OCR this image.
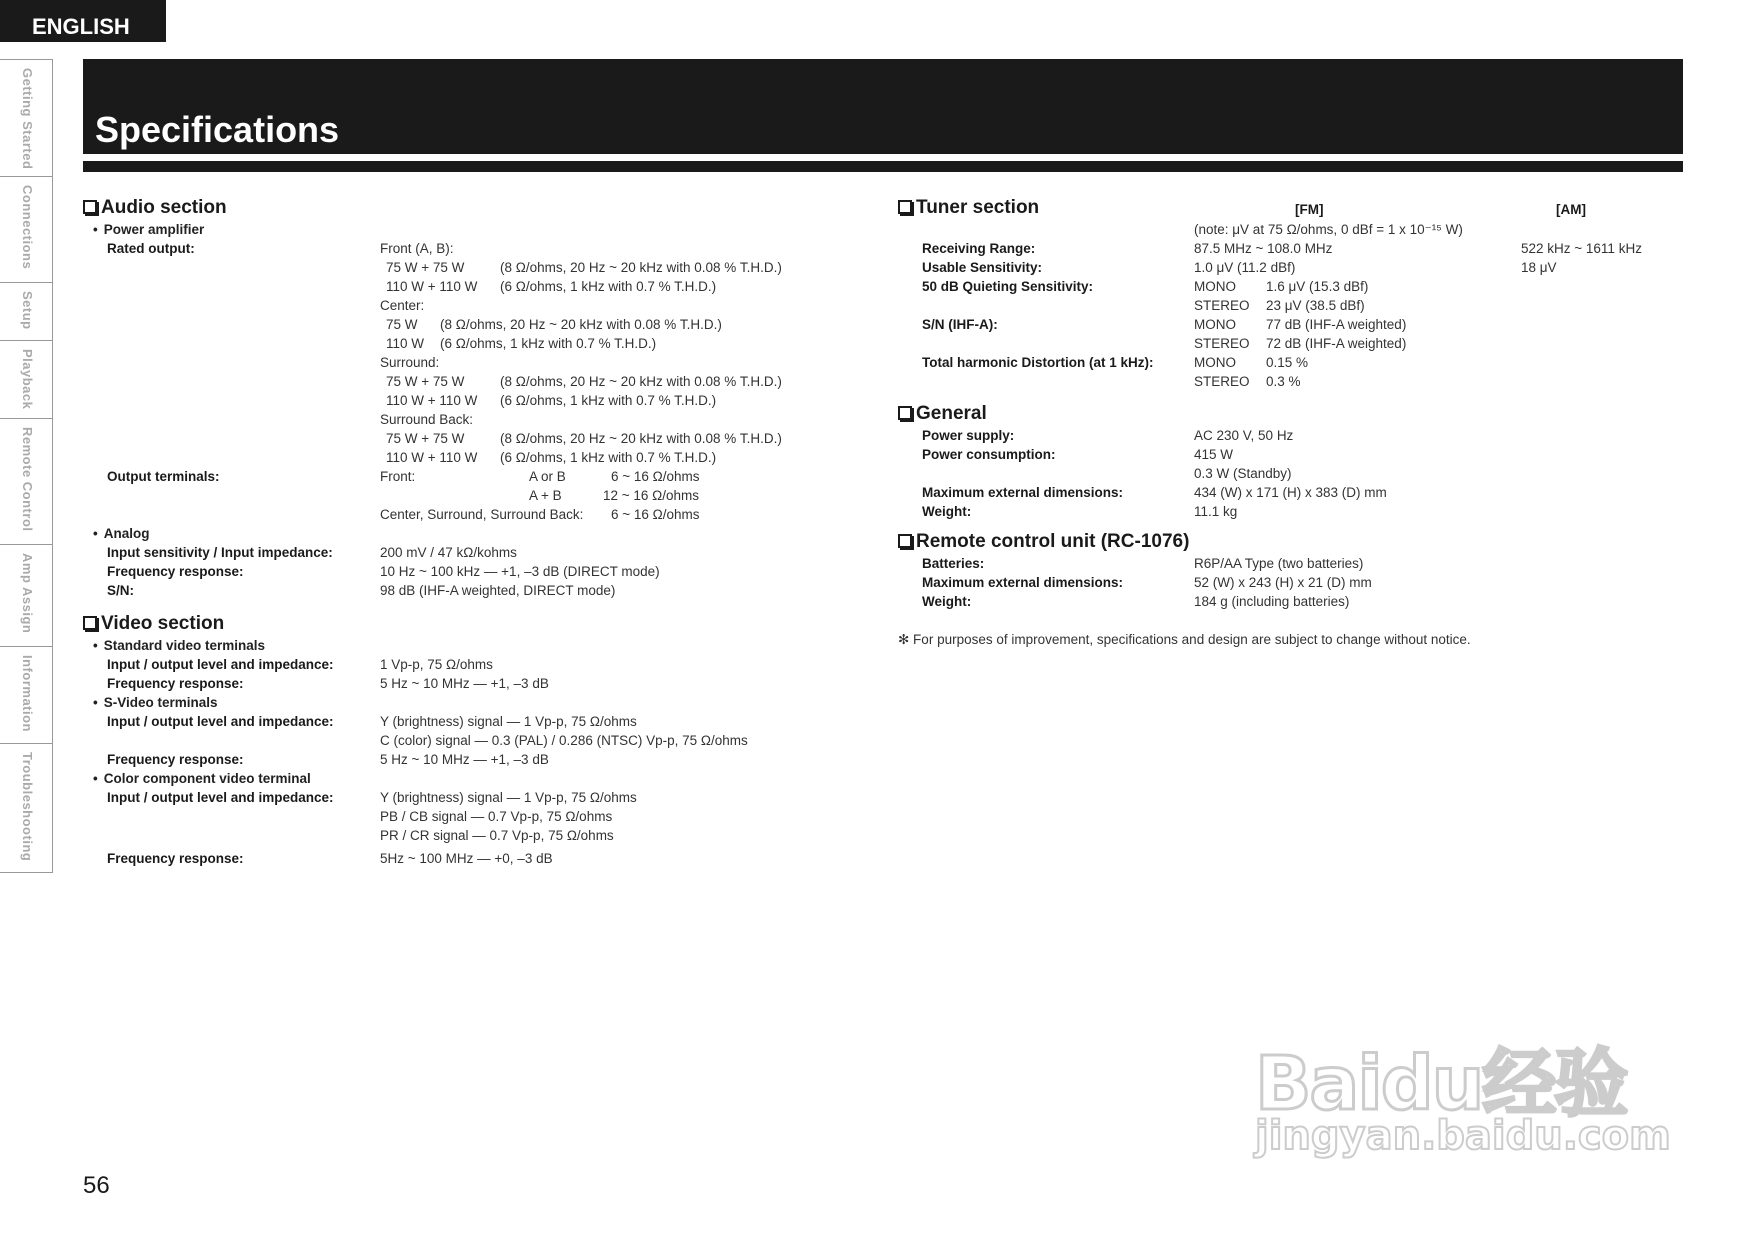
ENGLISH
Getting Started
Connections
Setup
Playback
Remote Control
Amp Assign
Information
Troubleshooting
Specifications
Audio section
• Power amplifier
Rated output:	Front (A, B):
75 W + 75 W	(8 Ω/ohms, 20 Hz ~ 20 kHz with 0.08 % T.H.D.)
110 W + 110 W (6 Ω/ohms, 1 kHz with 0.7 % T.H.D.)
Center:
75 W (8 Ω/ohms, 20 Hz ~ 20 kHz with 0.08 % T.H.D.)
110 W (6 Ω/ohms, 1 kHz with 0.7 % T.H.D.)
Surround:
75 W + 75 W	(8 Ω/ohms, 20 Hz ~ 20 kHz with 0.08 % T.H.D.)
110 W + 110 W (6 Ω/ohms, 1 kHz with 0.7 % T.H.D.)
Surround Back:
75 W + 75 W	(8 Ω/ohms, 20 Hz ~ 20 kHz with 0.08 % T.H.D.)
110 W + 110 W (6 Ω/ohms, 1 kHz with 0.7 % T.H.D.)
Output terminals:	Front:	A or B	6 ~ 16 Ω/ohms
A + B	12 ~ 16 Ω/ohms
Center, Surround, Surround Back: 6 ~ 16 Ω/ohms
• Analog
Input sensitivity / Input impedance:	200 mV / 47 kΩ/kohms
Frequency response:	10 Hz ~ 100 kHz — +1, –3 dB (DIRECT mode)
S/N:	98 dB (IHF-A weighted, DIRECT mode)
Video section
• Standard video terminals
Input / output level and impedance:	1 Vp-p, 75 Ω/ohms
Frequency response:	5 Hz ~ 10 MHz — +1, –3 dB
• S-Video terminals
Input / output level and impedance:	Y (brightness) signal — 1 Vp-p, 75 Ω/ohms
C (color) signal — 0.3 (PAL) / 0.286 (NTSC) Vp-p, 75 Ω/ohms
Frequency response:	5 Hz ~ 10 MHz — +1, –3 dB
• Color component video terminal
Input / output level and impedance:	Y (brightness) signal — 1 Vp-p, 75 Ω/ohms
PB / CB signal — 0.7 Vp-p, 75 Ω/ohms
PR / CR signal — 0.7 Vp-p, 75 Ω/ohms
Frequency response:	5Hz ~ 100 MHz — +0, –3 dB
Tuner section	[FM]	[AM]
(note: μV at 75 Ω/ohms, 0 dBf = 1 x 10⁻¹⁵ W)
Receiving Range:	87.5 MHz ~ 108.0 MHz	522 kHz ~ 1611 kHz
Usable Sensitivity:	1.0 μV (11.2 dBf)	18 μV
50 dB Quieting Sensitivity:	MONO 1.6 μV (15.3 dBf)
STEREO 23 μV (38.5 dBf)
S/N (IHF-A):	MONO 77 dB (IHF-A weighted)
STEREO 72 dB (IHF-A weighted)
Total harmonic Distortion (at 1 kHz):	MONO 0.15 %
STEREO 0.3 %
General
Power supply:	AC 230 V, 50 Hz
Power consumption:	415 W
0.3 W (Standby)
Maximum external dimensions:	434 (W) x 171 (H) x 383 (D) mm
Weight:	11.1 kg
Remote control unit (RC-1076)
Batteries:	R6P/AA Type (two batteries)
Maximum external dimensions:	52 (W) x 243 (H) x 21 (D) mm
Weight:	184 g (including batteries)
✻ For purposes of improvement, specifications and design are subject to change without notice.
56
Baidu经验
jingyan.baidu.com
